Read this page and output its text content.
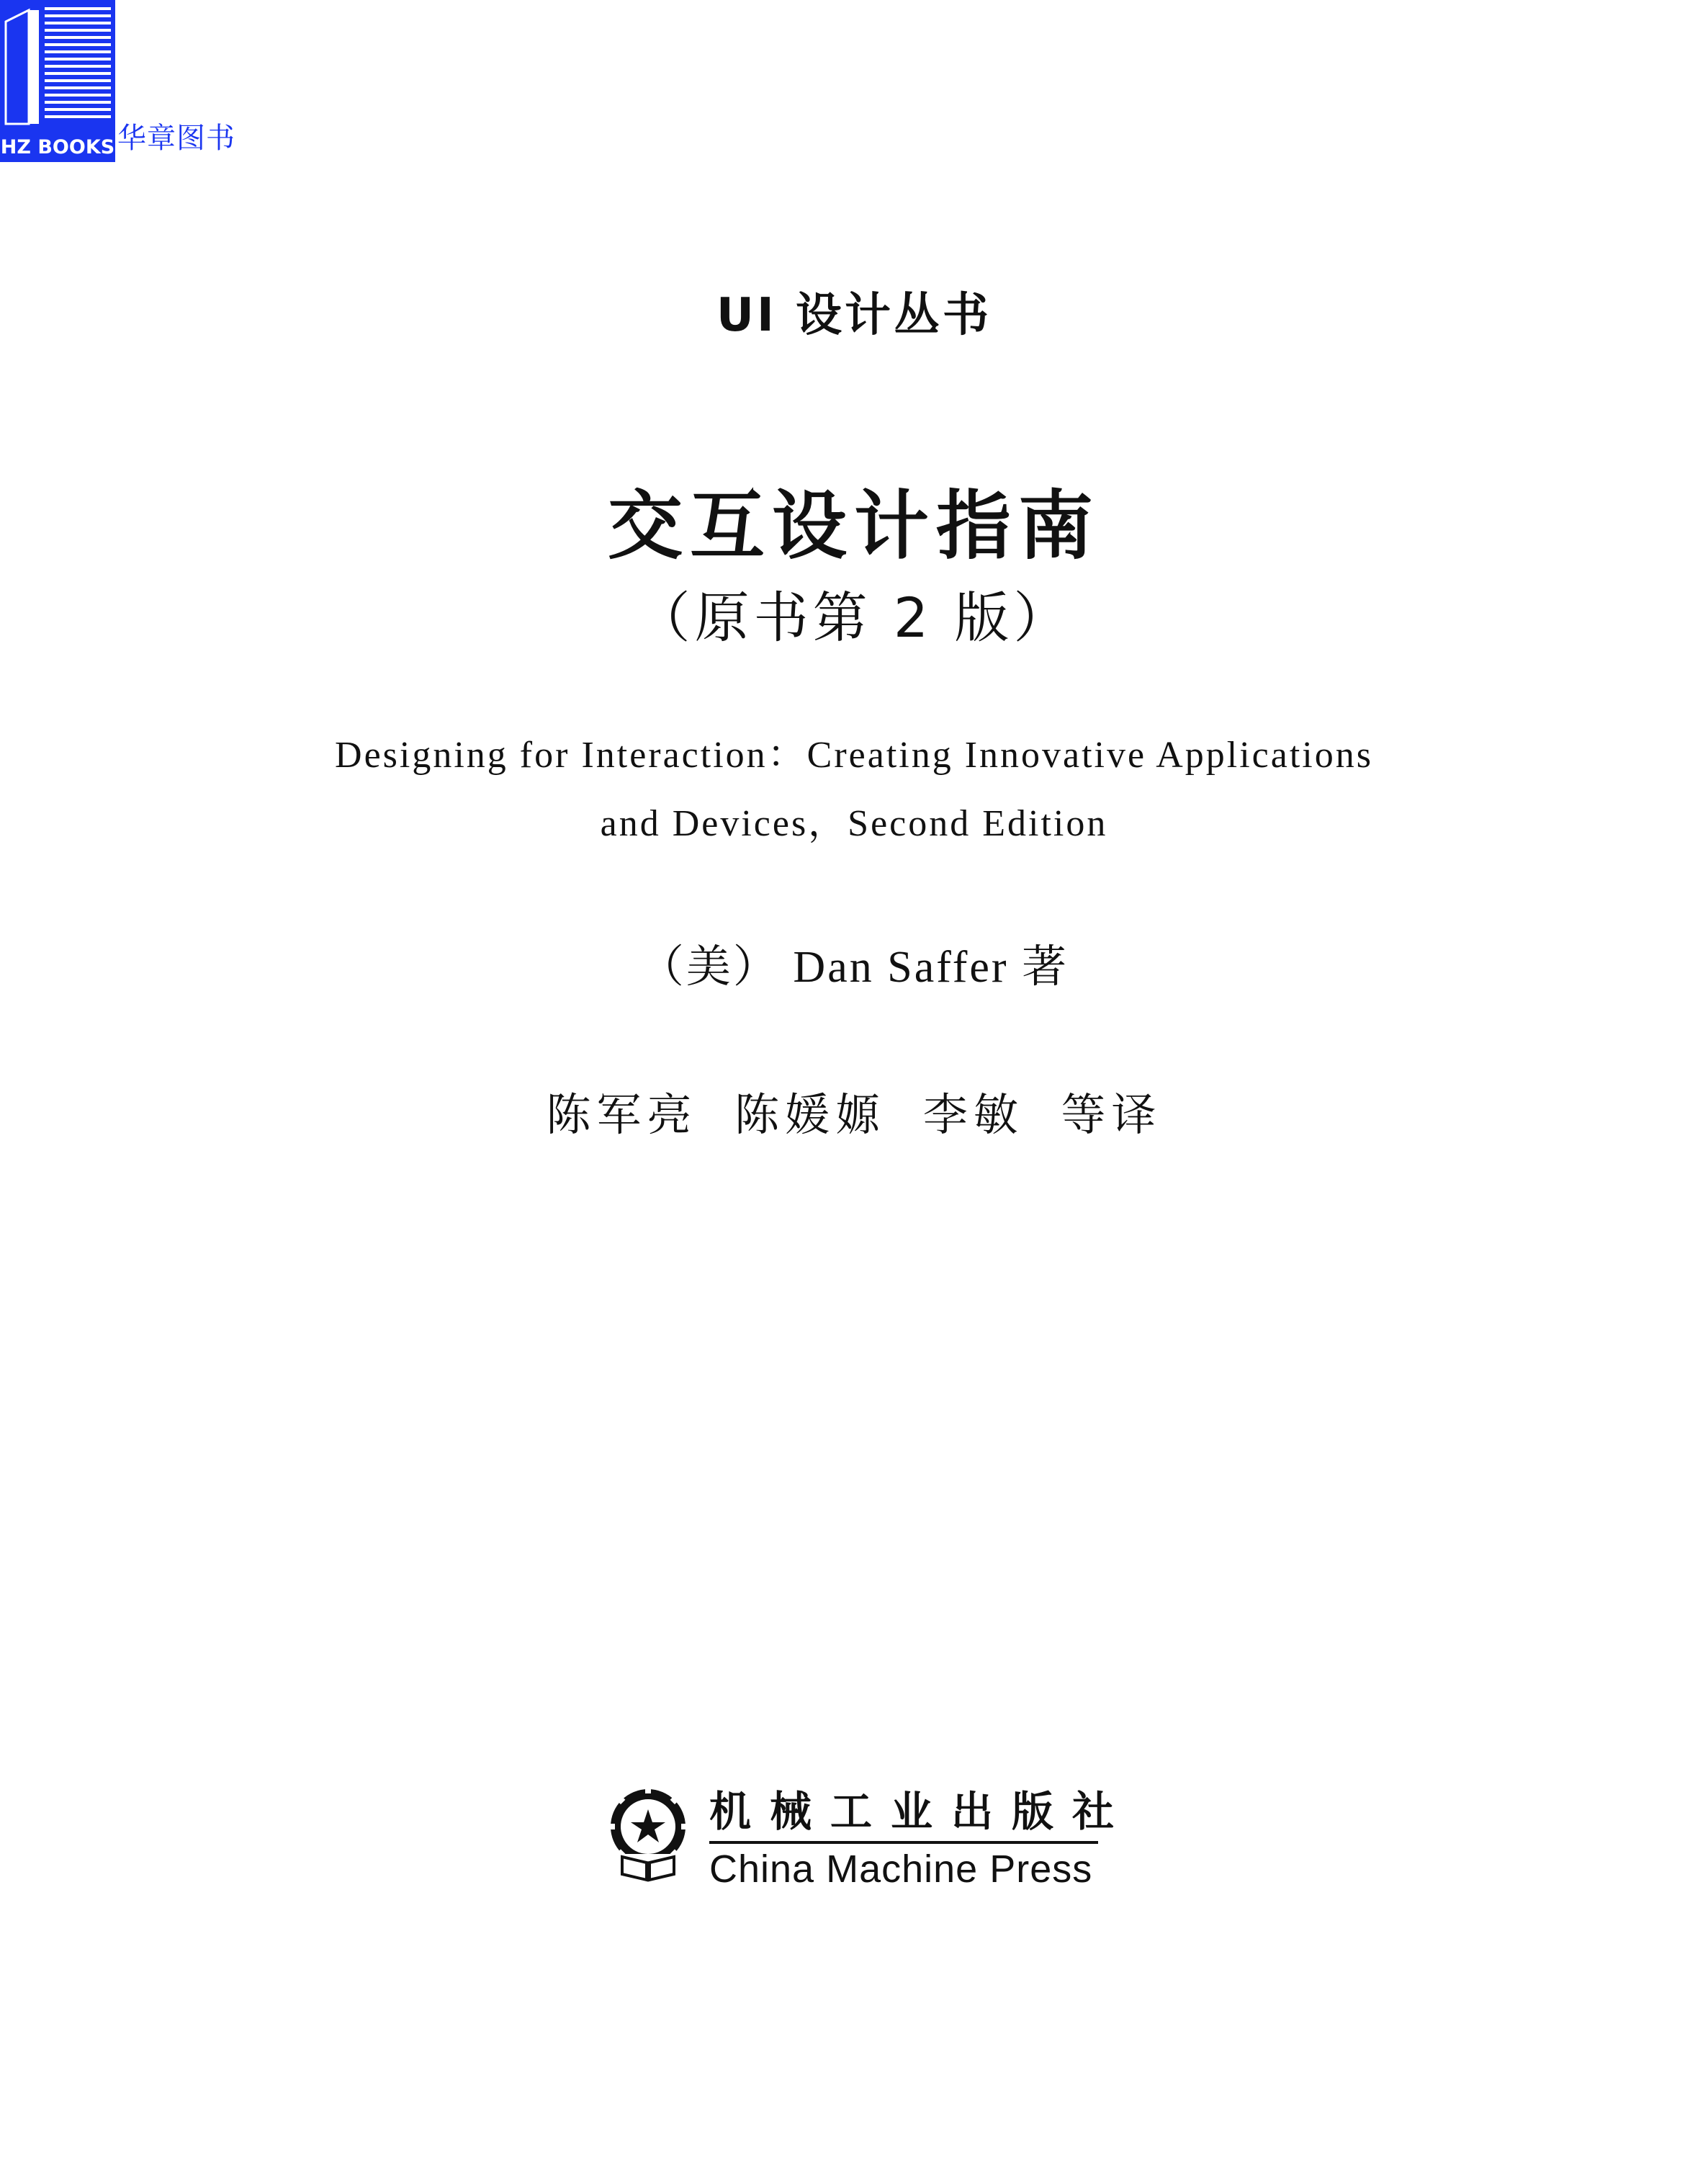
HZ BOOKS 华章图书
UI 设计丛书
交互设计指南
（原书第 2 版）
Designing for Interaction：Creating Innovative Applications
and Devices，Second Edition
（美） Dan Saffer 著
陈军亮 陈媛嫄 李敏 等译
机械工业出版社
China Machine Press
